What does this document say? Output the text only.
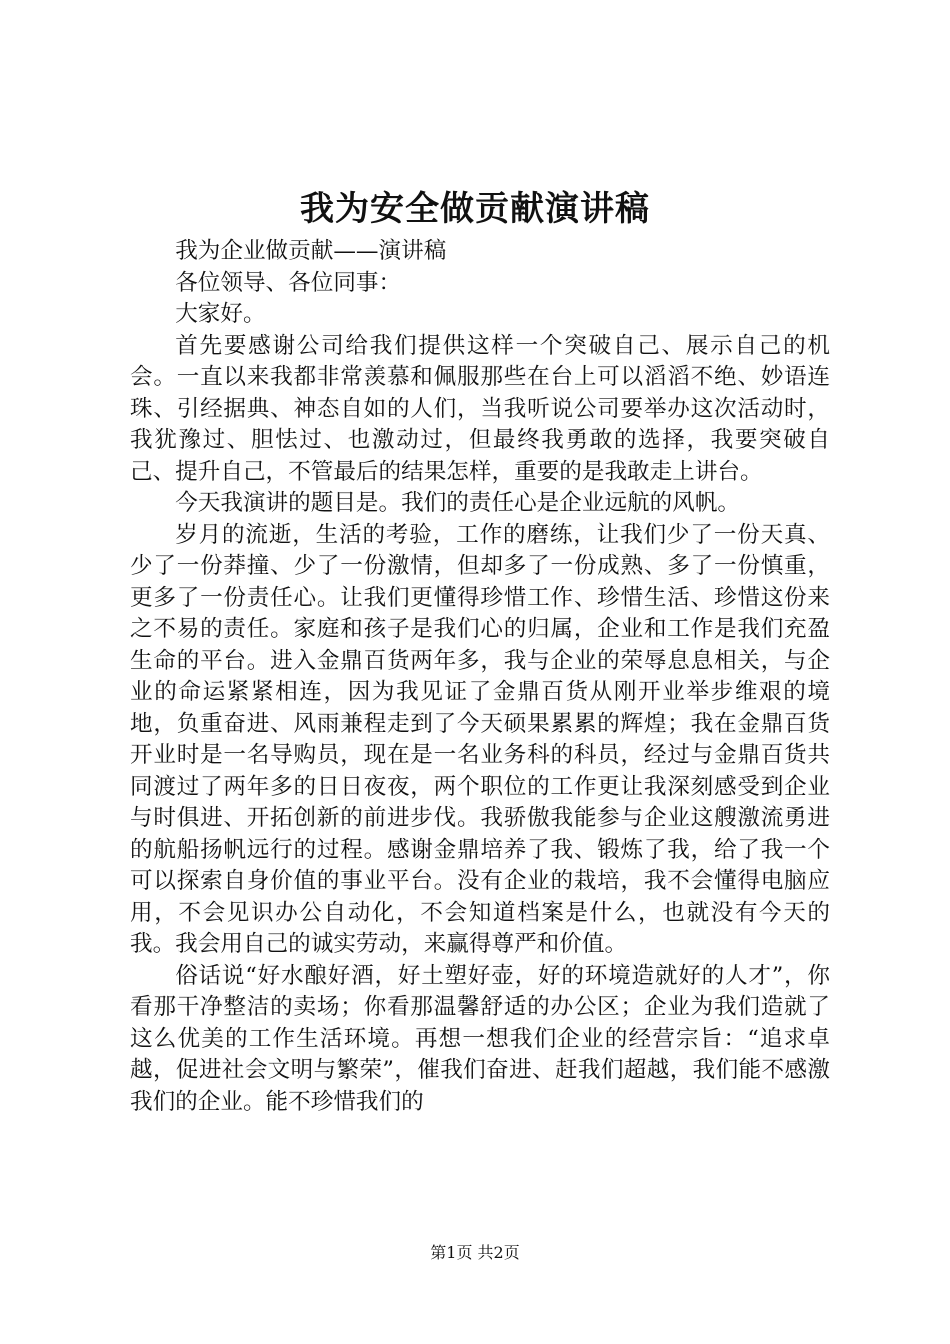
我为安全做贡献演讲稿

我为企业做贡献——演讲稿

各位领导、各位同事：

大家好。

首先要感谢公司给我们提供这样一个突破自己、展示自己的机会。一直以来我都非常羡慕和佩服那些在台上可以滔滔不绝、妙语连珠、引经据典、神态自如的人们，当我听说公司要举办这次活动时，我犹豫过、胆怯过、也激动过，但最终我勇敢的选择，我要突破自己、提升自己，不管最后的结果怎样，重要的是我敢走上讲台。

今天我演讲的题目是。我们的责任心是企业远航的风帆。

岁月的流逝，生活的考验，工作的磨练，让我们少了一份天真、少了一份莽撞、少了一份激情，但却多了一份成熟、多了一份慎重，更多了一份责任心。让我们更懂得珍惜工作、珍惜生活、珍惜这份来之不易的责任。家庭和孩子是我们心的归属，企业和工作是我们充盈生命的平台。进入金鼎百货两年多，我与企业的荣辱息息相关，与企业的命运紧紧相连，因为我见证了金鼎百货从刚开业举步维艰的境地，负重奋进、风雨兼程走到了今天硕果累累的辉煌；我在金鼎百货开业时是一名导购员，现在是一名业务科的科员，经过与金鼎百货共同渡过了两年多的日日夜夜，两个职位的工作更让我深刻感受到企业与时俱进、开拓创新的前进步伐。我骄傲我能参与企业这艘激流勇进的航船扬帆远行的过程。感谢金鼎培养了我、锻炼了我，给了我一个可以探索自身价值的事业平台。没有企业的栽培，我不会懂得电脑应用，不会见识办公自动化，不会知道档案是什么，也就没有今天的我。我会用自己的诚实劳动，来赢得尊严和价值。

俗话说“好水酿好酒，好土塑好壶，好的环境造就好的人才”，你看那干净整洁的卖场；你看那温馨舒适的办公区；企业为我们造就了这么优美的工作生活环境。再想一想我们企业的经营宗旨：“追求卓越，促进社会文明与繁荣”，催我们奋进、赶我们超越，我们能不感激我们的企业。能不珍惜我们的

第1页 共2页
